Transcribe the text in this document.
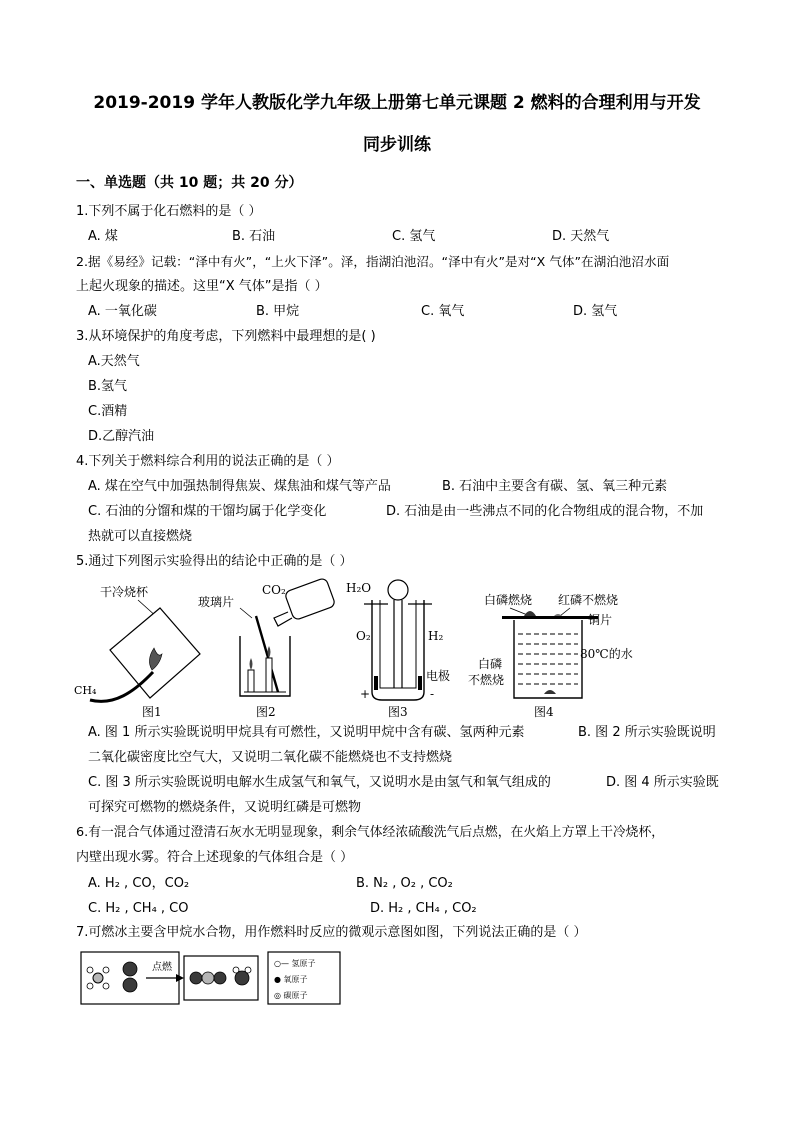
2019-2019 学年人教版化学九年级上册第七单元课题 2 燃料的合理利用与开发
同步训练
一、单选题（共 10 题；共 20 分）
1.下列不属于化石燃料的是（ ）
A. 煤	B. 石油	C. 氢气	D. 天然气
2.据《易经》记载：“泽中有火”，“上火下泽”。泽，指湖泊池沼。“泽中有火”是对“X 气体”在湖泊池沼水面
上起火现象的描述。这里“X 气体”是指（ ）
A. 一氧化碳	B. 甲烷	C. 氧气	D. 氢气
3.从环境保护的角度考虑，下列燃料中最理想的是( )
A.天然气
B.氢气
C.酒精
D.乙醇汽油
4.下列关于燃料综合利用的说法正确的是（ ）
A. 煤在空气中加强热制得焦炭、煤焦油和煤气等产品	B. 石油中主要含有碳、氢、氧三种元素
C. 石油的分馏和煤的干馏均属于化学变化	D. 石油是由一些沸点不同的化合物组成的混合物，不加
热就可以直接燃烧
5.通过下列图示实验得出的结论中正确的是（ ）
干冷烧杯
CH₄
图1
CO₂
玻璃片
图2
H₂O
O₂	H₂
电极
+	-
图3
白磷燃烧 红磷不燃烧
铜片
80℃的水
白磷
不燃烧
图4
A. 图 1 所示实验既说明甲烷具有可燃性，又说明甲烷中含有碳、氢两种元素	B. 图 2 所示实验既说明
二氧化碳密度比空气大，又说明二氧化碳不能燃烧也不支持燃烧
C. 图 3 所示实验既说明电解水生成氢气和氧气，又说明水是由氢气和氧气组成的	D. 图 4 所示实验既
可探究可燃物的燃烧条件，又说明红磷是可燃物
6.有一混合气体通过澄清石灰水无明显现象，剩余气体经浓硫酸洗气后点燃，在火焰上方罩上干冷烧杯，
内壁出现水雾。符合上述现象的气体组合是（ ）
A. H₂ , CO，CO₂	B. N₂ , O₂ , CO₂
C. H₂ , CH₄ , CO	D. H₂ , CH₄ , CO₂
7.可燃冰主要含甲烷水合物，用作燃料时反应的微观示意图如图，下列说法正确的是（ ）
点燃	○— 氢原子
● 氧原子
◎ 碳原子
